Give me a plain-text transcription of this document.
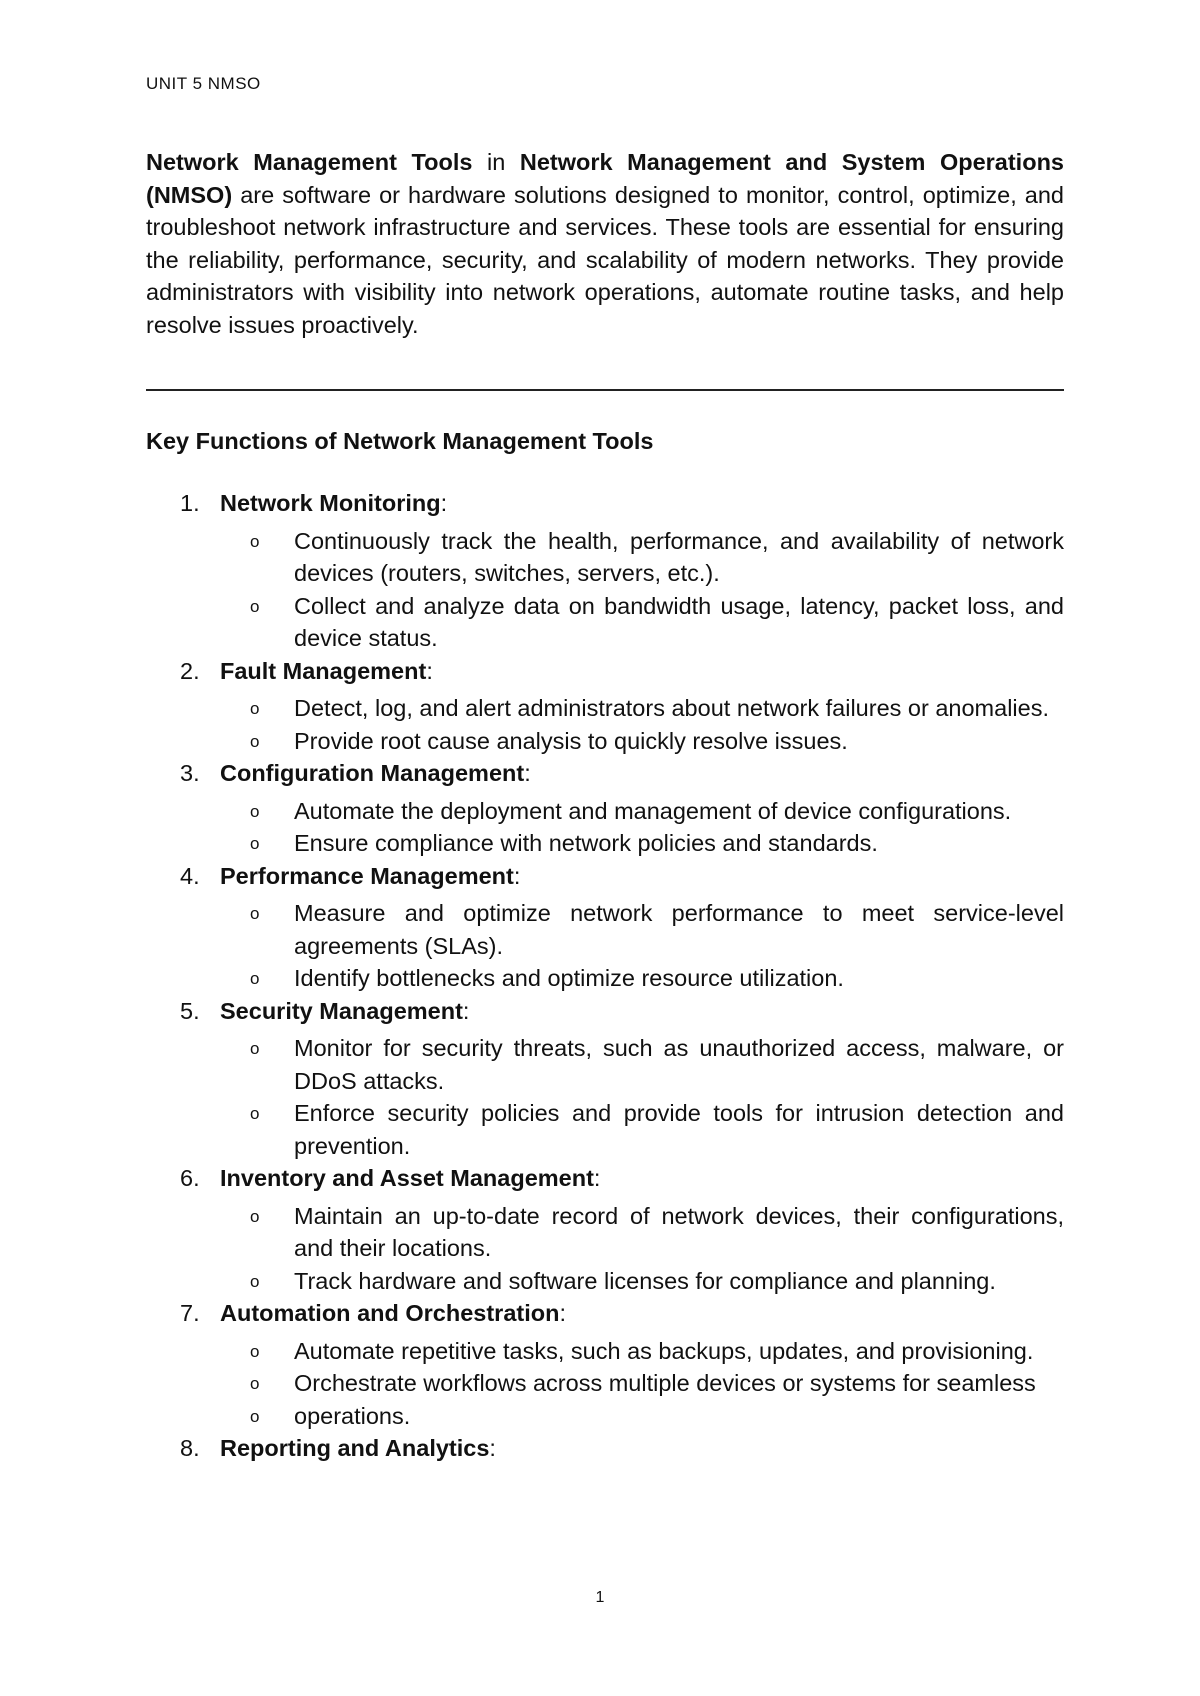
UNIT 5 NMSO

Network Management Tools in Network Management and System Operations (NMSO) are software or hardware solutions designed to monitor, control, optimize, and troubleshoot network infrastructure and services. These tools are essential for ensuring the reliability, performance, security, and scalability of modern networks. They provide administrators with visibility into network operations, automate routine tasks, and help resolve issues proactively.

Key Functions of Network Management Tools
1. Network Monitoring:
o Continuously track the health, performance, and availability of network devices (routers, switches, servers, etc.).
o Collect and analyze data on bandwidth usage, latency, packet loss, and device status.
2. Fault Management:
o Detect, log, and alert administrators about network failures or anomalies.
o Provide root cause analysis to quickly resolve issues.
3. Configuration Management:
o Automate the deployment and management of device configurations.
o Ensure compliance with network policies and standards.
4. Performance Management:
o Measure and optimize network performance to meet service-level agreements (SLAs).
o Identify bottlenecks and optimize resource utilization.
5. Security Management:
o Monitor for security threats, such as unauthorized access, malware, or DDoS attacks.
o Enforce security policies and provide tools for intrusion detection and prevention.
6. Inventory and Asset Management:
o Maintain an up-to-date record of network devices, their configurations, and their locations.
o Track hardware and software licenses for compliance and planning.
7. Automation and Orchestration:
o Automate repetitive tasks, such as backups, updates, and provisioning.
o Orchestrate workflows across multiple devices or systems for seamless
o operations.
8. Reporting and Analytics:
1
